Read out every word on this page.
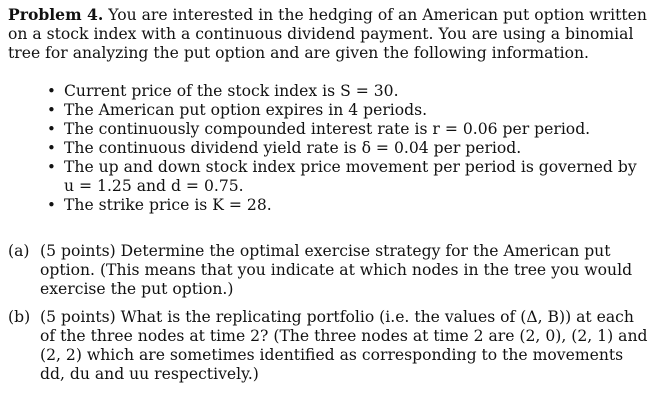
Problem 4. You are interested in the hedging of an American put option written on a stock index with a continuous dividend payment. You are using a binomial tree for analyzing the put option and are given the following information.

• Current price of the stock index is S = 30.
• The American put option expires in 4 periods.
• The continuously compounded interest rate is r = 0.06 per period.
• The continuous dividend yield rate is δ = 0.04 per period.
• The up and down stock index price movement per period is governed by u = 1.25 and d = 0.75.
• The strike price is K = 28.
(a) (5 points) Determine the optimal exercise strategy for the American put option. (This means that you indicate at which nodes in the tree you would exercise the put option.)
(b) (5 points) What is the replicating portfolio (i.e. the values of (Δ, B)) at each of the three nodes at time 2? (The three nodes at time 2 are (2, 0), (2, 1) and (2, 2) which are sometimes identified as corresponding to the movements dd, du and uu respectively.)
